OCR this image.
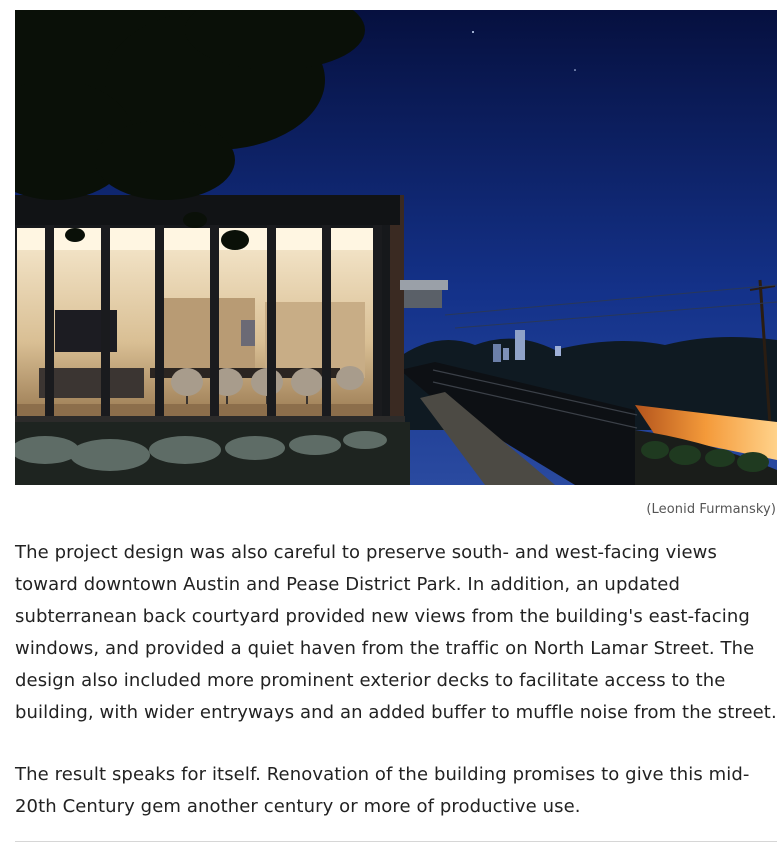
(Leonid Furmansky)

The project design was also careful to preserve south- and west-facing views toward downtown Austin and Pease District Park. In addition, an updated subterranean back courtyard provided new views from the building's east-facing windows, and provided a quiet haven from the traffic on North Lamar Street. The design also included more prominent exterior decks to facilitate access to the building, with wider entryways and an added buffer to muffle noise from the street.

The result speaks for itself. Renovation of the building promises to give this mid-20th Century gem another century or more of productive use.
